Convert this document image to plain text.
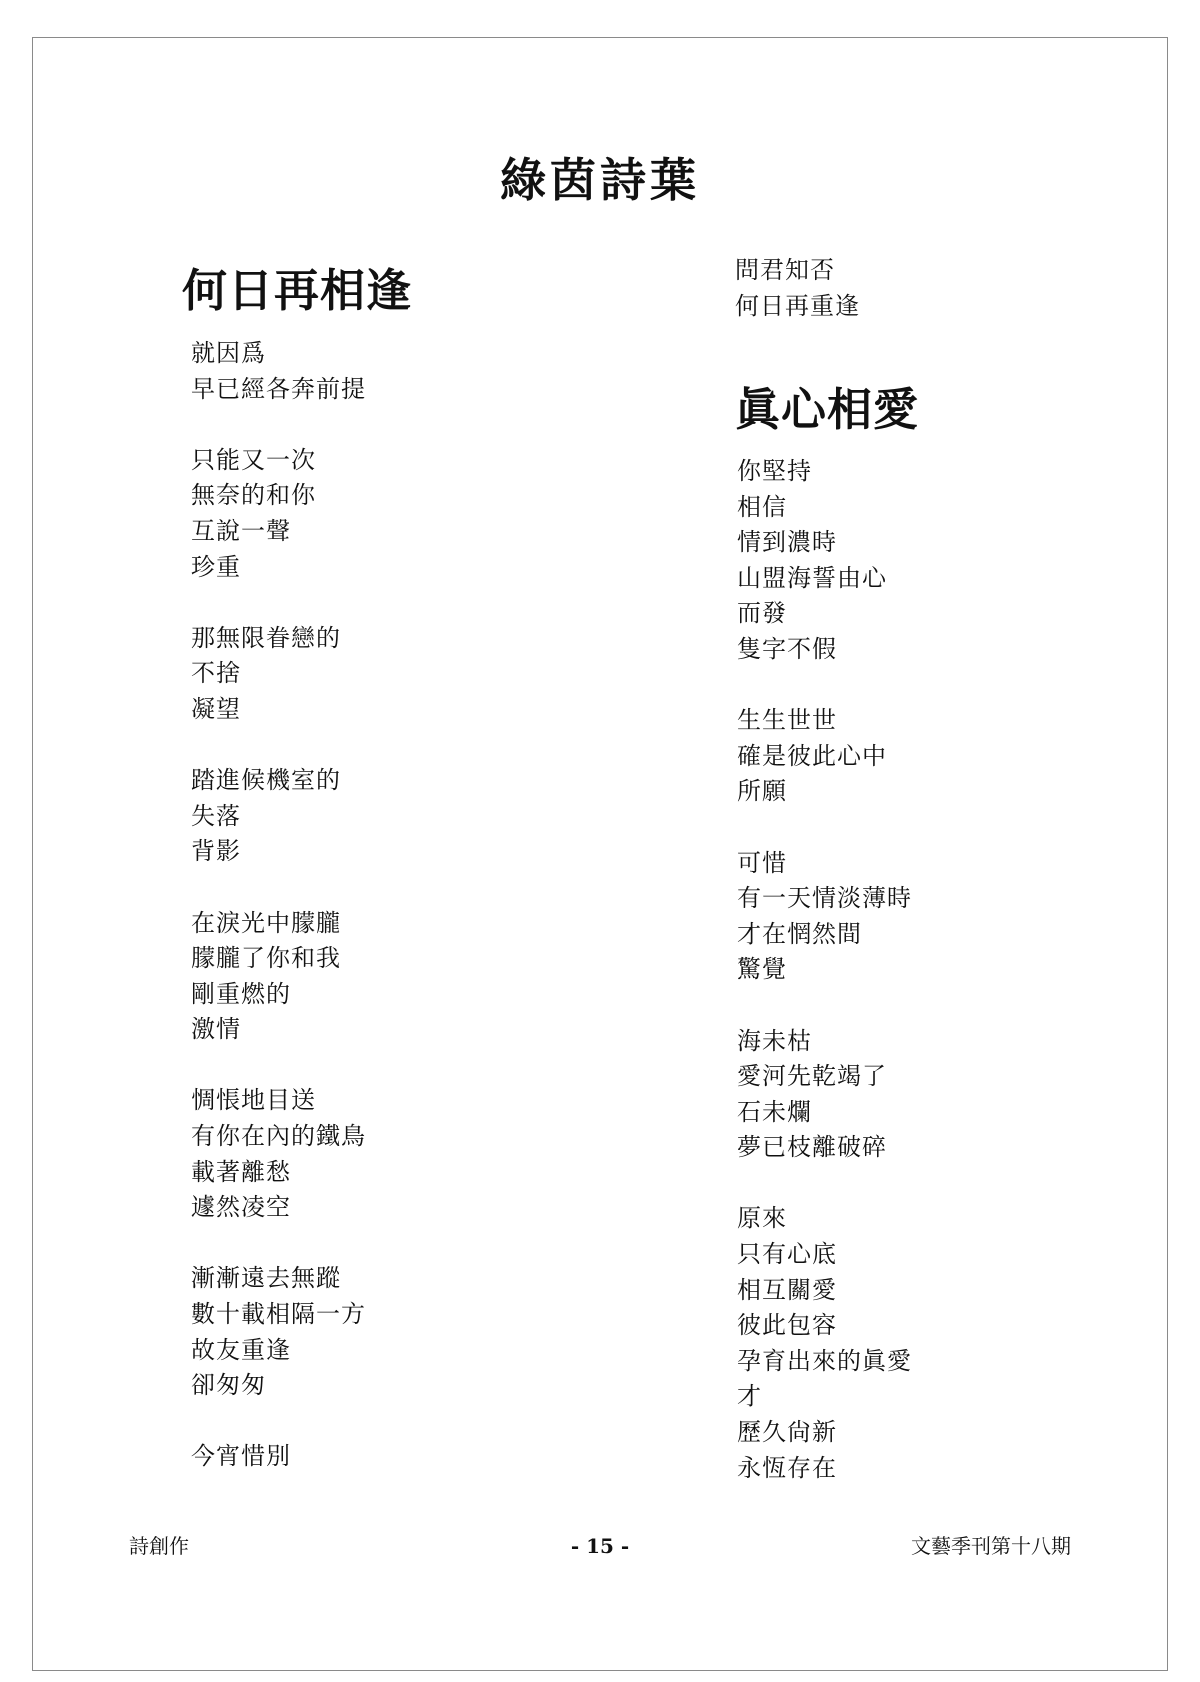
綠茵詩葉
何日再相逢
就因爲
早已經各奔前提
只能又一次
無奈的和你
互說一聲
珍重
那無限眷戀的
不捨
凝望
踏進候機室的
失落
背影
在淚光中朦朧
朦朧了你和我
剛重燃的
激情
惆悵地目送
有你在內的鐵鳥
載著離愁
遽然凌空
漸漸遠去無蹤
數十載相隔一方
故友重逢
卻匆匆
今宵惜別
問君知否
何日再重逢
眞心相愛
你堅持
相信
情到濃時
山盟海誓由心
而發
隻字不假
生生世世
確是彼此心中
所願
可惜
有一天情淡薄時
才在惘然間
驚覺
海未枯
愛河先乾竭了
石未爛
夢已枝離破碎
原來
只有心底
相互關愛
彼此包容
孕育出來的眞愛
才
歷久尙新
永恆存在
詩創作	- 15 -	文藝季刊第十八期
